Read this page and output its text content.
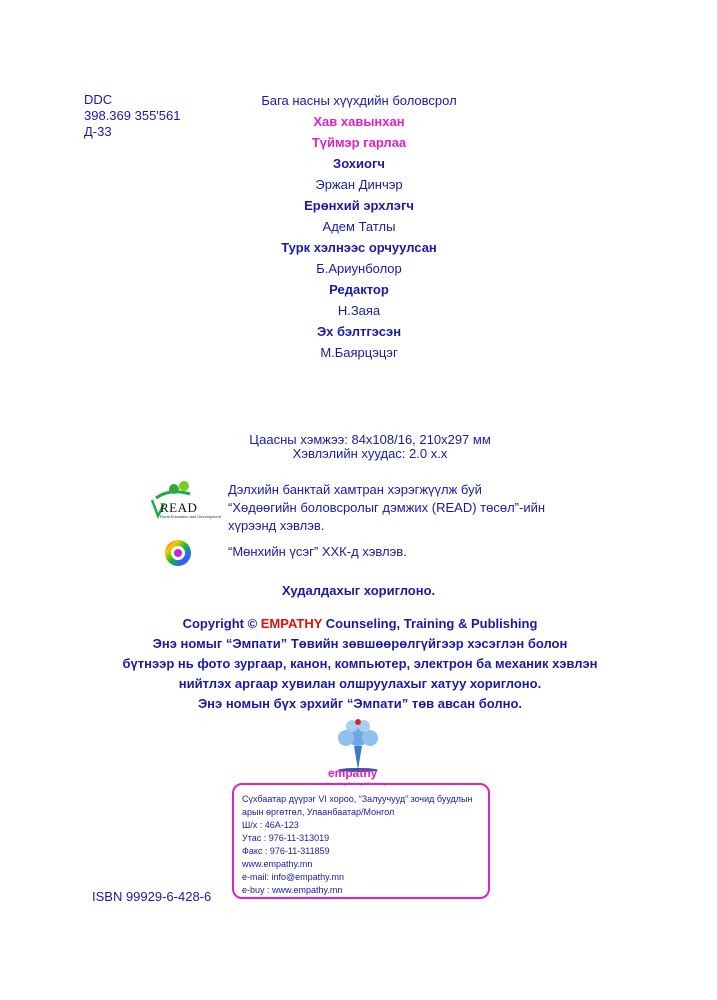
DDC
398.369 355'561
Д-33
Бага насны хүүхдийн боловсрол
Хав хавынхан
Түймэр гарлаа
Зохиогч
Эржан Динчэр
Ерөнхий эрхлэгч
Адем Татлы
Турк хэлнээс орчуулсан
Б.Ариунболор
Редактор
Н.Заяа
Эх бэлтгэсэн
М.Баярцэцэг
Цаасны хэмжээ: 84x108/16, 210x297 мм
Хэвлэлийн хуудас: 2.0 х.х
READ
Rural Education and Development
Дэлхийн банктай хамтран хэрэгжүүлж буй
“Хөдөөгийн боловсролыг дэмжих (READ) төсөл”-ийн
хүрээнд хэвлэв.
“Мөнхийн үсэг” ХХК-д хэвлэв.
Худалдахыг хориглоно.
Copyright © EMPATHY Counseling, Training & Publishing
Энэ номыг “Эмпати” Төвийн зөвшөөрөлгүйгээр хэсэглэн болон
бүтнээр нь фото зургаар, канон, компьютер, электрон ба механик хэвлэн
нийтлэх аргаар хувилан олшруулахыг хатуу хориглоно.
Энэ номын бүх эрхийг “Эмпати” төв авсан болно.
empathy
Counseling, Training & Publishing
Сүхбаатар дүүрэг VI хороо, “Залуучууд” зочид буудлын
арын өргөтгөл, Улаанбаатар/Монгол
Ш/х : 46А-123
Утас : 976-11-313019
Факс : 976-11-311859
www.empathy.mn
e-mail: info@empathy.mn
e-buy : www.empathy.mn
ISBN 99929-6-428-6
